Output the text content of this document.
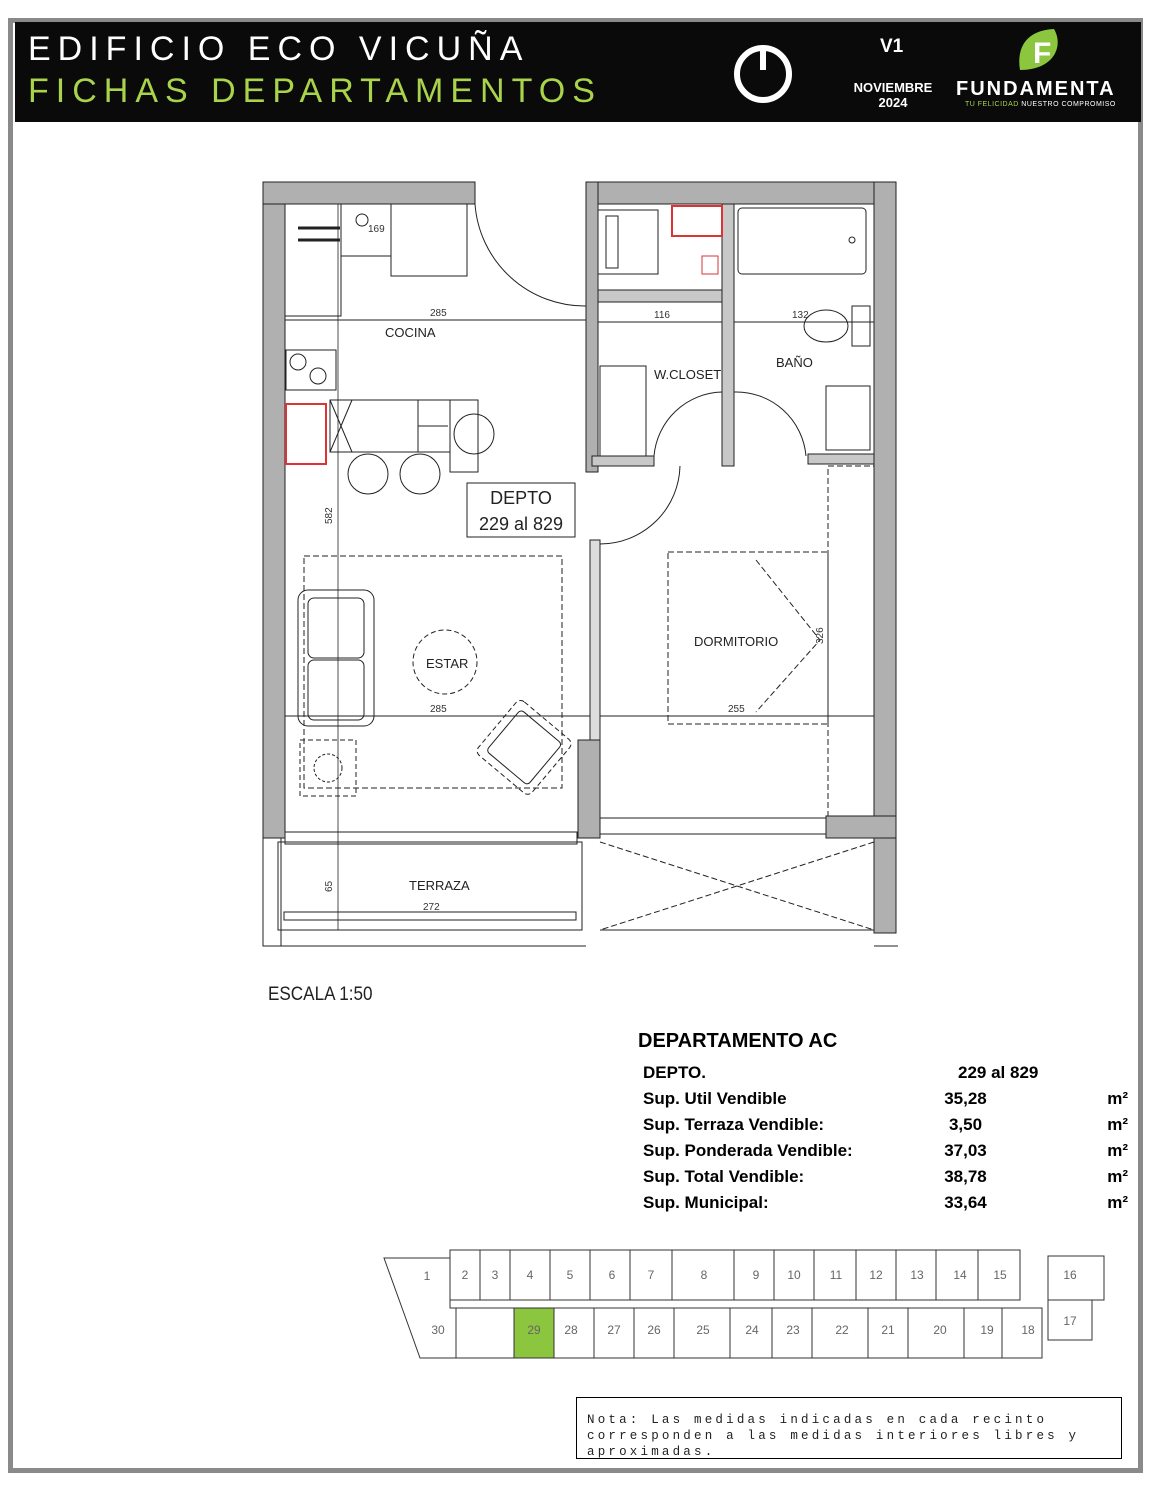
EDIFICIO ECO VICUÑA
FICHAS DEPARTAMENTOS
V1
NOVIEMBRE
2024
F
FUNDAMENTA
TU FELICIDAD NUESTRO COMPROMISO
COCINA
W.CLOSET
BAÑO
ESTAR
DORMITORIO
TERRAZA
169
285	116	132
582
285	255
326
65
272
DEPTO
229 al 829
ESCALA 1:50
DEPARTAMENTO AC
DEPTO.	229 al 829	
Sup. Util Vendible	35,28	m²
Sup. Terraza Vendible:	3,50	m²
Sup. Ponderada Vendible:	37,03	m²
Sup. Total Vendible:	38,78	m²
Sup. Municipal:	33,64	m²
1	2 3 4	5	6	7	8	9 10 11 12 13 14 15	16
17
30	29 28 27 26	25	24 23	22	21	20	19 18
Nota: Las medidas indicadas en cada recinto corresponden a las medidas interiores libres y aproximadas.
